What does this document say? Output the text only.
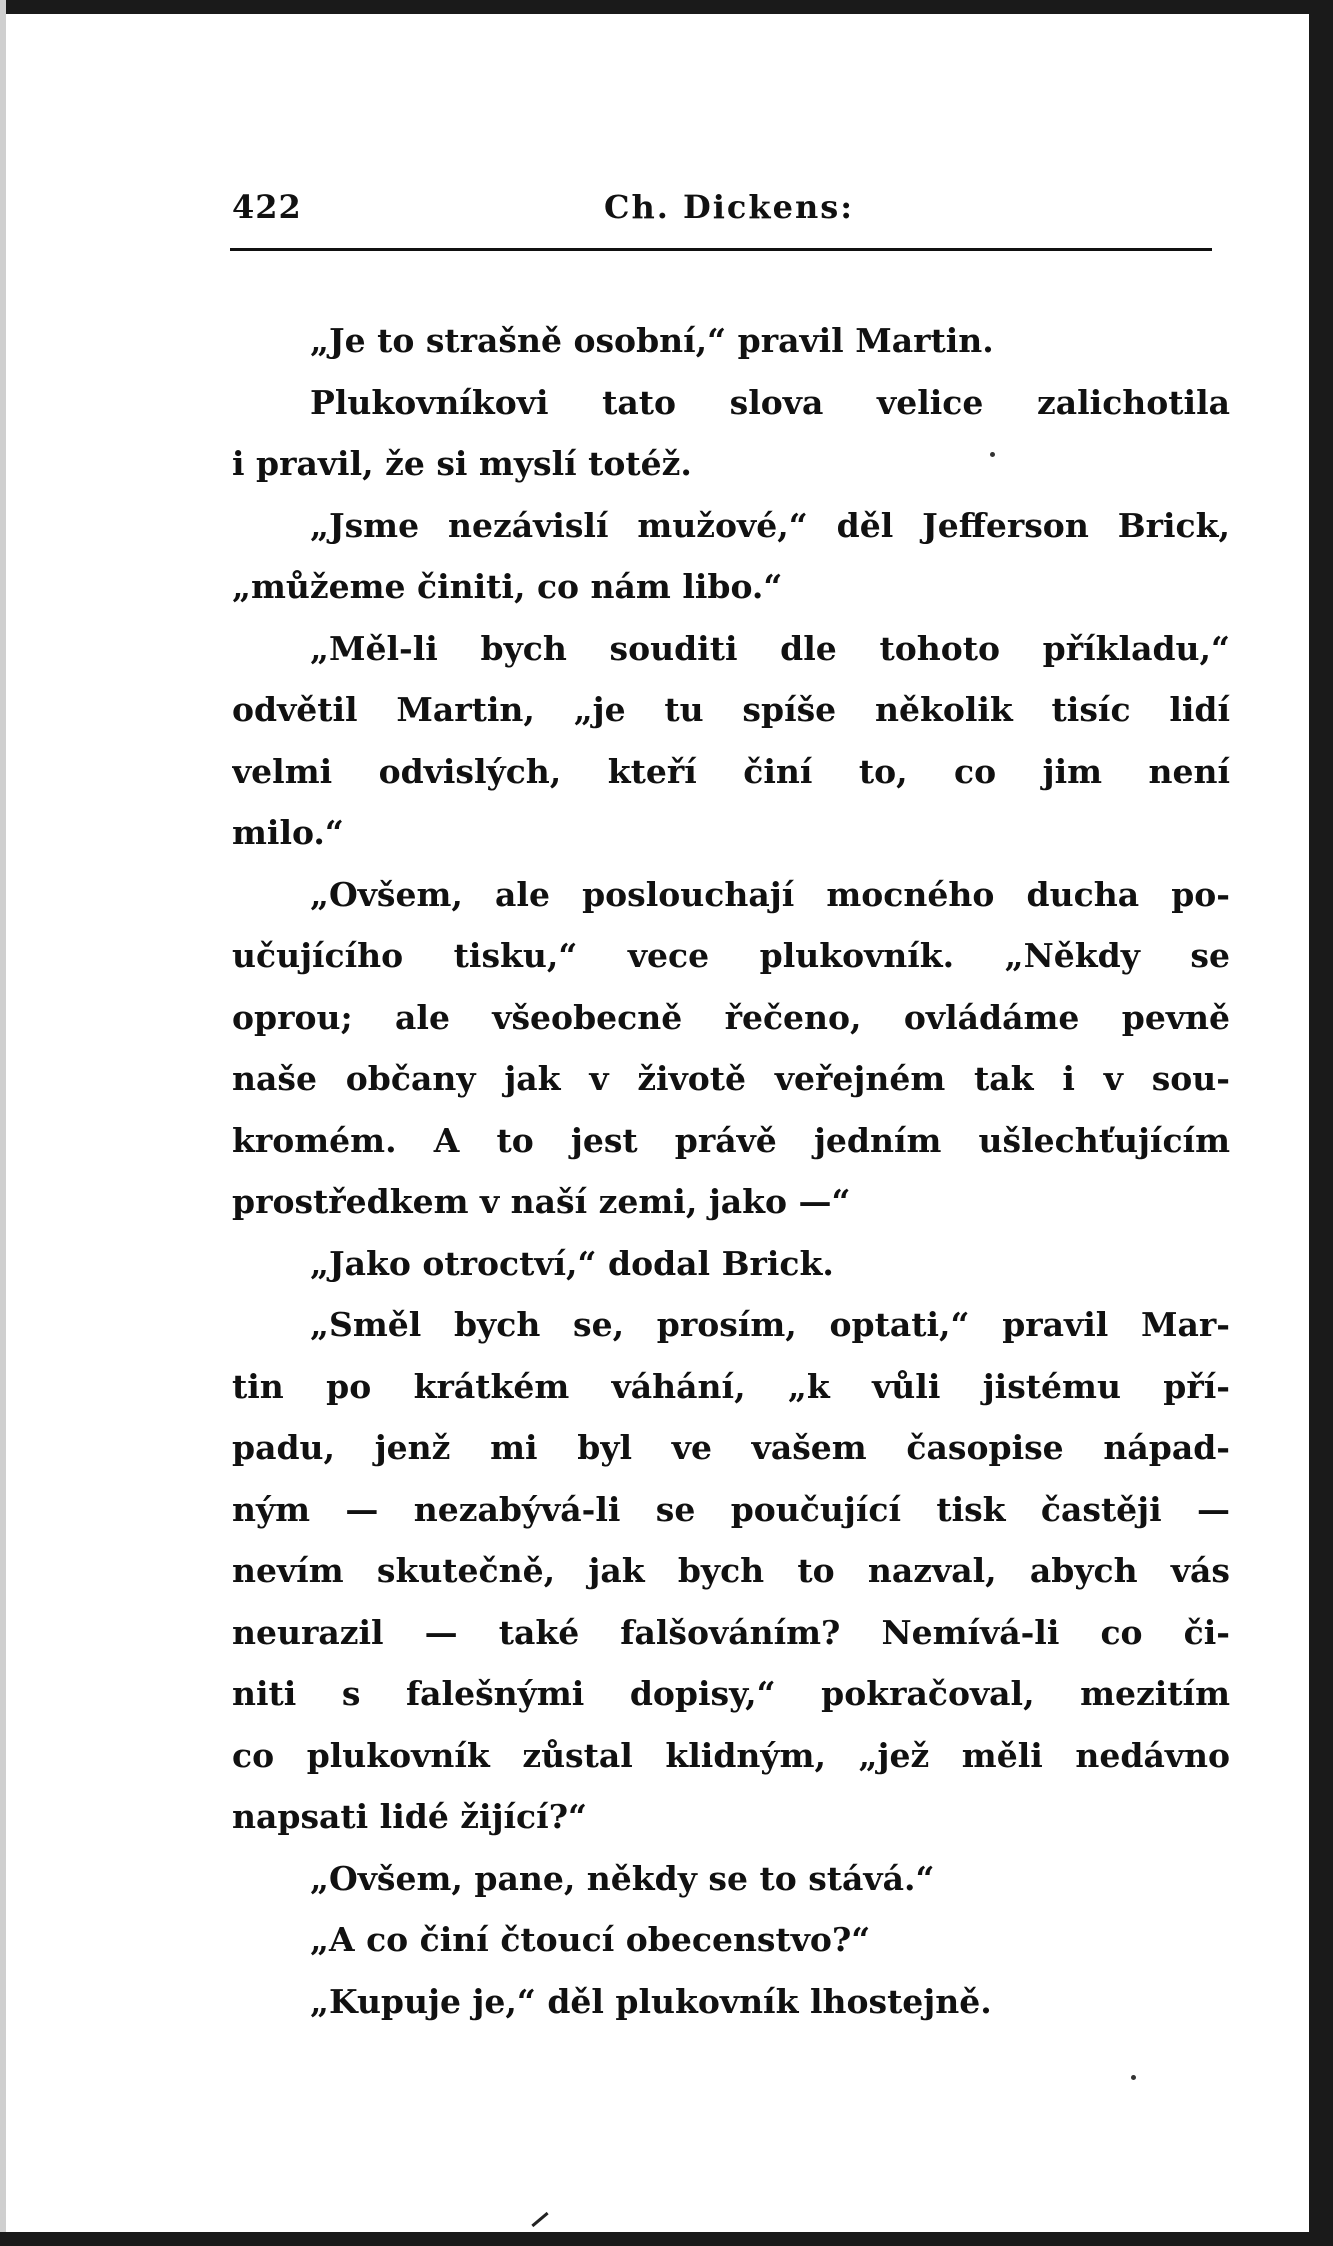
422	Ch. Dickens:
„Je to strašně osobní,“ pravil Martin.
Plukovníkovi tato slova velice zalichotila
i pravil, že si myslí totéž.
„Jsme nezávislí mužové,“ děl Jefferson Brick,
„můžeme činiti, co nám libo.“
„Měl-li bych souditi dle tohoto příkladu,“
odvětil Martin, „je tu spíše několik tisíc lidí
velmi odvislých, kteří činí to, co jim není
milo.“
„Ovšem, ale poslouchají mocného ducha po-
učujícího tisku,“ vece plukovník. „Někdy se
oprou; ale všeobecně řečeno, ovládáme pevně
naše občany jak v životě veřejném tak i v sou-
kromém. A to jest právě jedním ušlechťujícím
prostředkem v naší zemi, jako —“
„Jako otroctví,“ dodal Brick.
„Směl bych se, prosím, optati,“ pravil Mar-
tin po krátkém váhání, „k vůli jistému pří-
padu, jenž mi byl ve vašem časopise nápad-
ným — nezabývá-li se poučující tisk častěji —
nevím skutečně, jak bych to nazval, abych vás
neurazil — také falšováním? Nemívá-li co či-
niti s falešnými dopisy,“ pokračoval, mezitím
co plukovník zůstal klidným, „jež měli nedávno
napsati lidé žijící?“
„Ovšem, pane, někdy se to stává.“
„A co činí čtoucí obecenstvo?“
„Kupuje je,“ děl plukovník lhostejně.
